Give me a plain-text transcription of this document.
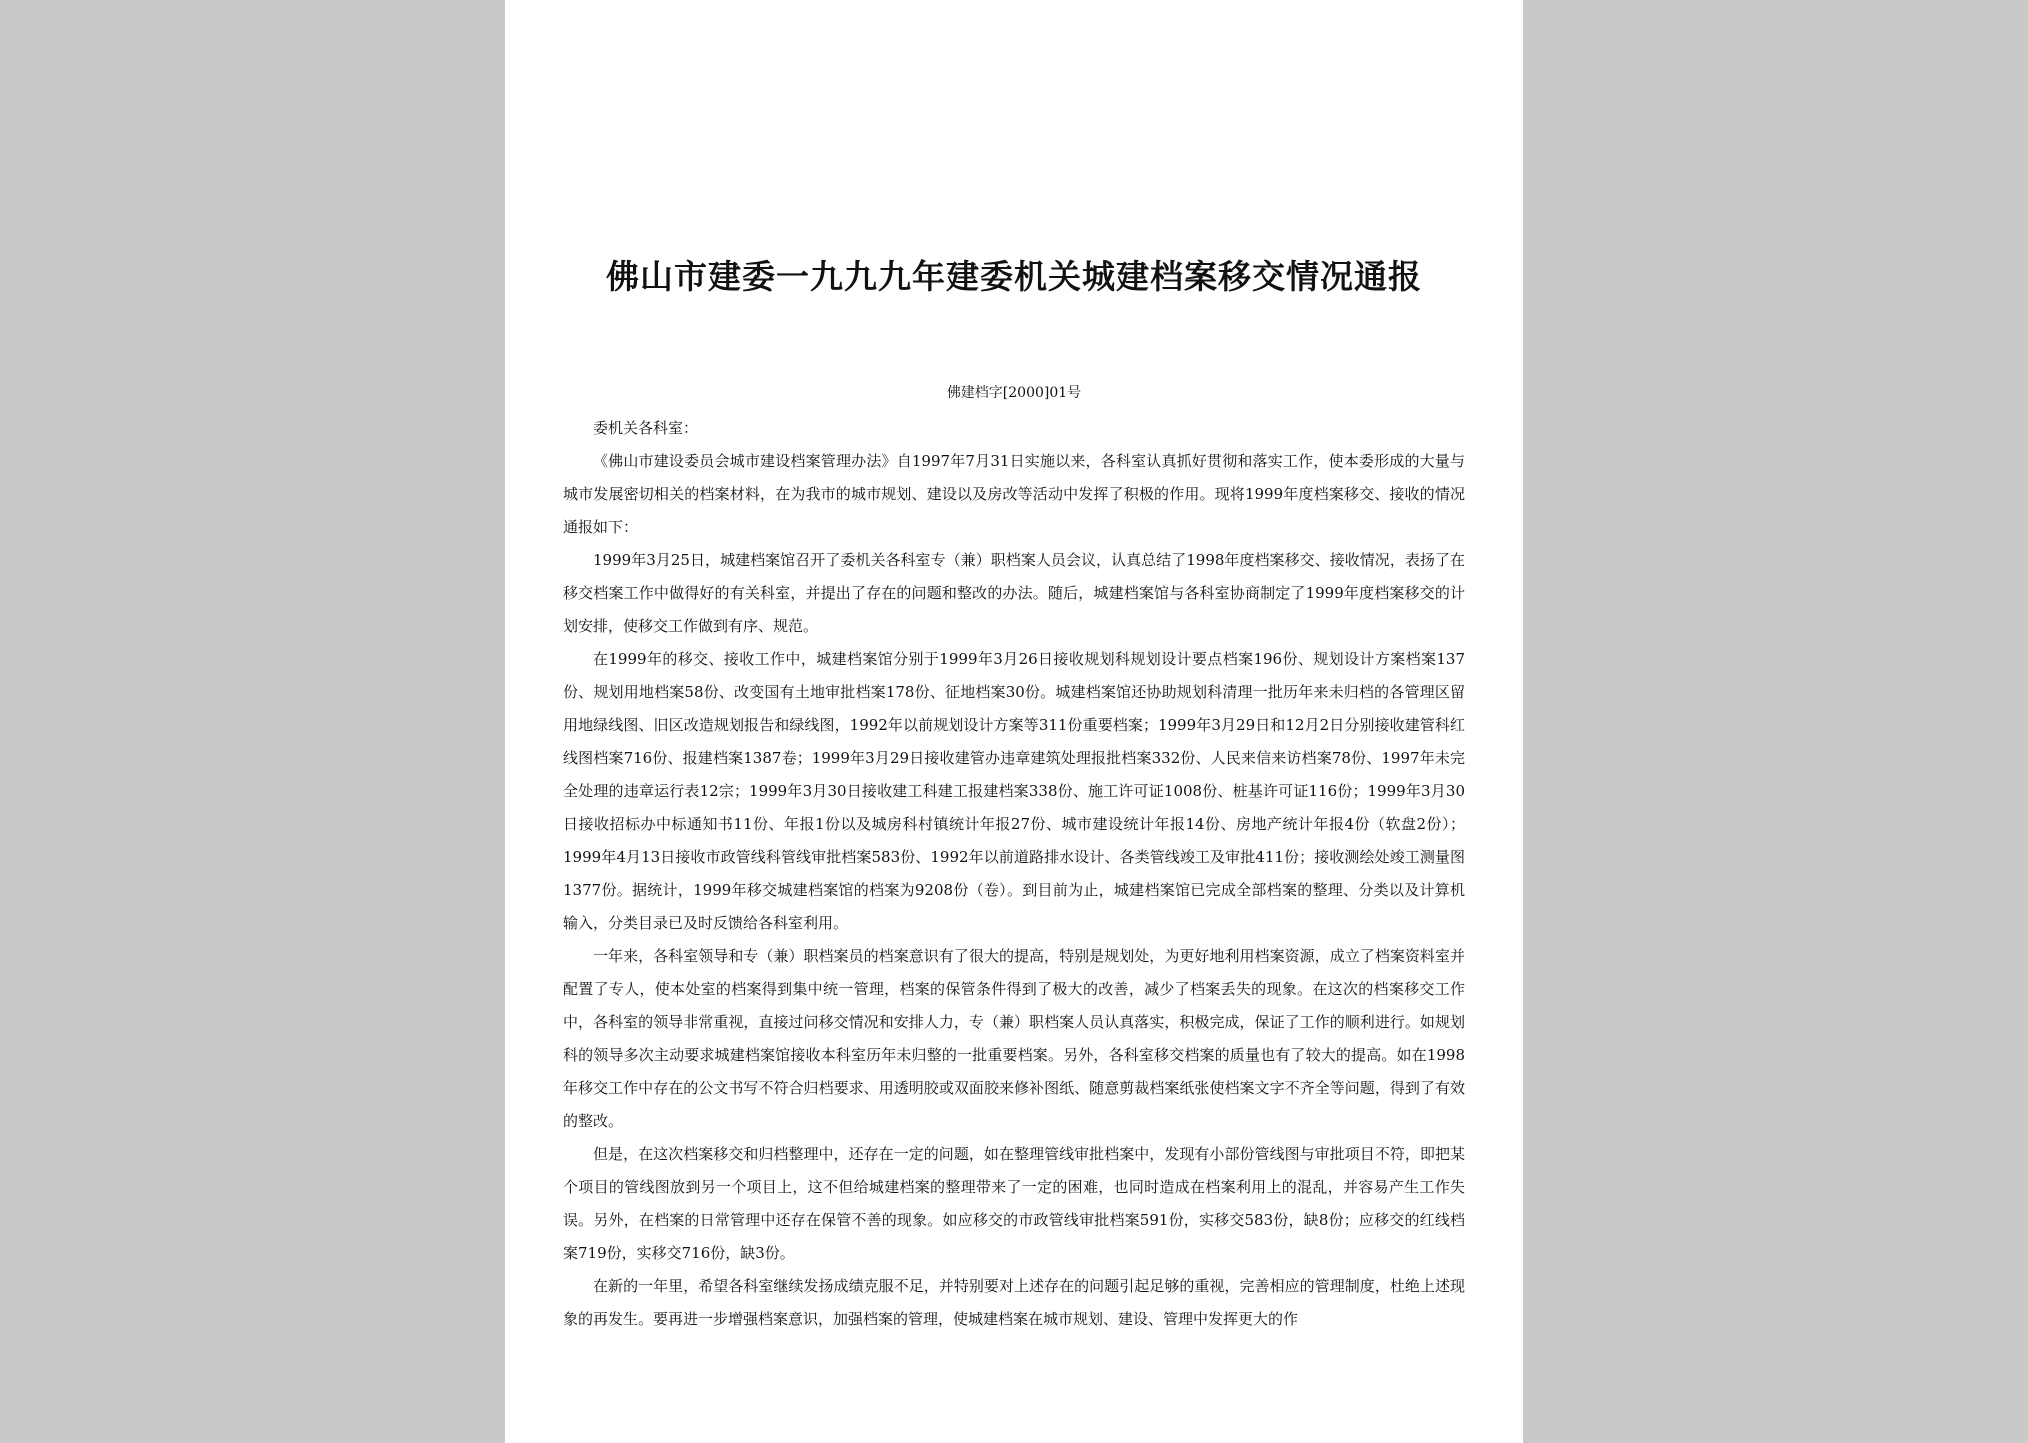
佛山市建委一九九九年建委机关城建档案移交情况通报
佛建档字[2000]01号

委机关各科室：

《佛山市建设委员会城市建设档案管理办法》自1997年7月31日实施以来，各科室认真抓好贯彻和落实工作，使本委形成的大量与城市发展密切相关的档案材料，在为我市的城市规划、建设以及房改等活动中发挥了积极的作用。现将1999年度档案移交、接收的情况通报如下：

1999年3月25日，城建档案馆召开了委机关各科室专（兼）职档案人员会议，认真总结了1998年度档案移交、接收情况，表扬了在移交档案工作中做得好的有关科室，并提出了存在的问题和整改的办法。随后，城建档案馆与各科室协商制定了1999年度档案移交的计划安排，使移交工作做到有序、规范。

在1999年的移交、接收工作中，城建档案馆分别于1999年3月26日接收规划科规划设计要点档案196份、规划设计方案档案137份、规划用地档案58份、改变国有土地审批档案178份、征地档案30份。城建档案馆还协助规划科清理一批历年来未归档的各管理区留用地绿线图、旧区改造规划报告和绿线图，1992年以前规划设计方案等311份重要档案；1999年3月29日和12月2日分别接收建管科红线图档案716份、报建档案1387卷；1999年3月29日接收建管办违章建筑处理报批档案332份、人民来信来访档案78份、1997年未完全处理的违章运行表12宗；1999年3月30日接收建工科建工报建档案338份、施工许可证1008份、桩基许可证116份；1999年3月30日接收招标办中标通知书11份、年报1份以及城房科村镇统计年报27份、城市建设统计年报14份、房地产统计年报4份（软盘2份）；1999年4月13日接收市政管线科管线审批档案583份、1992年以前道路排水设计、各类管线竣工及审批411份；接收测绘处竣工测量图1377份。据统计，1999年移交城建档案馆的档案为9208份（卷）。到目前为止，城建档案馆已完成全部档案的整理、分类以及计算机输入，分类目录已及时反馈给各科室利用。

一年来，各科室领导和专（兼）职档案员的档案意识有了很大的提高，特别是规划处，为更好地利用档案资源，成立了档案资料室并配置了专人，使本处室的档案得到集中统一管理，档案的保管条件得到了极大的改善，减少了档案丢失的现象。在这次的档案移交工作中，各科室的领导非常重视，直接过问移交情况和安排人力，专（兼）职档案人员认真落实，积极完成，保证了工作的顺利进行。如规划科的领导多次主动要求城建档案馆接收本科室历年未归整的一批重要档案。另外，各科室移交档案的质量也有了较大的提高。如在1998年移交工作中存在的公文书写不符合归档要求、用透明胶或双面胶来修补图纸、随意剪裁档案纸张使档案文字不齐全等问题，得到了有效的整改。

但是，在这次档案移交和归档整理中，还存在一定的问题，如在整理管线审批档案中，发现有小部份管线图与审批项目不符，即把某个项目的管线图放到另一个项目上，这不但给城建档案的整理带来了一定的困难，也同时造成在档案利用上的混乱，并容易产生工作失误。另外，在档案的日常管理中还存在保管不善的现象。如应移交的市政管线审批档案591份，实移交583份，缺8份；应移交的红线档案719份，实移交716份，缺3份。

在新的一年里，希望各科室继续发扬成绩克服不足，并特别要对上述存在的问题引起足够的重视，完善相应的管理制度，杜绝上述现象的再发生。要再进一步增强档案意识，加强档案的管理，使城建档案在城市规划、建设、管理中发挥更大的作
